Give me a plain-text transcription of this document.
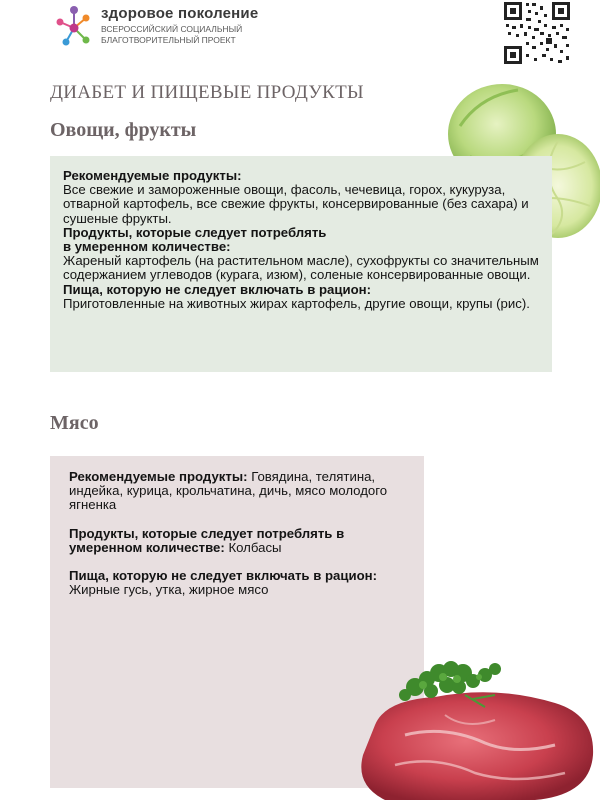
здоровое поколение
ВСЕРОССИЙСКИЙ СОЦИАЛЬНЫЙ
БЛАГОТВОРИТЕЛЬНЫЙ ПРОЕКТ
ДИАБЕТ И ПИЩЕВЫЕ ПРОДУКТЫ
Овощи, фрукты
Рекомендуемые продукты:
Все свежие и замороженные овощи, фасоль, чечевица, горох, кукурузa, отварной картофель, все свежие фрукты, консервированные (без сахара) и сушеные фрукты.
Продукты, которые следует потреблять
в умеренном количестве:
Жареный картофель (на растительном масле), сухофрукты со значительным содержанием углеводов (курага, изюм), соленые консервированные овощи.
Пища, которую не следует включать в рацион:
Приготовленные на животных жирах картофель, другие овощи, крупы (рис).
Мясо
Рекомендуемые продукты: Говядина, телятина, индейка, курица, крольчатина, дичь, мясо молодого ягненка
Продукты, которые следует потреблять в умеренном количестве: Колбасы
Пища, которую не следует включать в рацион:
Жирные гусь, утка, жирное мясо
